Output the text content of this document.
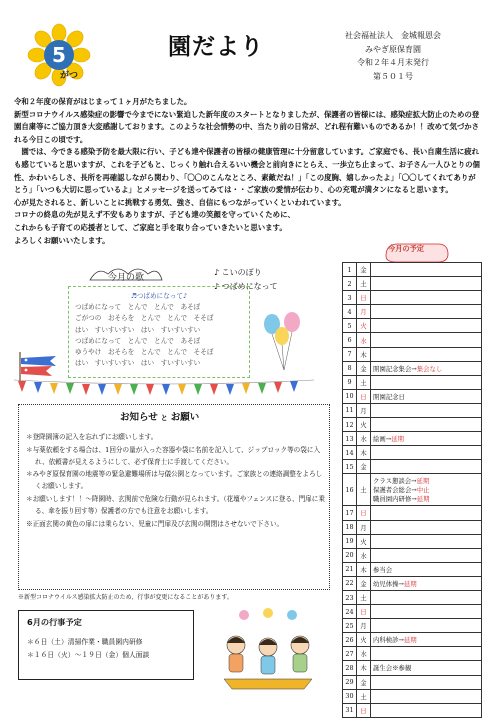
5
がつ
園だより	社会福祉法人　金城報恩会
みやぎ原保育園
令和２年４月末発行
第５０１号

令和２年度の保育がはじまって１ヶ月がたちました。

新型コロナウイルス感染症の影響で今までにない緊迫した新年度のスタートとなりましたが、保護者の皆様には、感染症拡大防止のための登園自粛等にご協力頂き大変感謝しております。このような社会情勢の中、当たり前の日常が、どれ程有難いものであるか！！改めて気づかされる今日この頃です。

　園では、今できる感染予防を最大限に行い、子ども達や保護者の皆様の健康管理に十分留意しています。ご家庭でも、長い自粛生活に疲れも感じていると思いますが、これを子どもと、じっくり触れ合えるいい機会と前向きにとらえ、一歩立ち止まって、お子さん一人ひとりの個性、かわいらしさ、長所を再確認しながら関わり、「〇〇のこんなところ、素敵だね！」「この度胸、嬉しかったよ」「〇〇してくれてありがとう」「いつも大切に思っているよ」とメッセージを送ってみては・・ご家族の愛情が伝わり、心の充電が満タンになると思います。

心が見たされると、新しいことに挑戦する勇気、強さ、自信にもつながっていくといわれています。

コロナの終息の先が見えず不安もありますが、子ども達の笑顔を守っていくために、

これからも子育ての応援者として、ご家庭と手を取り合っていきたいと思います。

よろしくお願いいたします。

今月の歌
♪ こいのぼり
♪ つばめになって
♬つばめになって♪
つばめになって　とんで　とんで　あそぼ
ごがつの　おそらを　とんで　とんで　そそぼ
はい　すいすいすい　はい　すいすいすい
つばめになって　とんで　とんで　あそぼ
ゆうやけ　おそらを　とんで　とんで　そそぼ
はい　すいすいすい　はい　すいすいすい
お知らせ と お願い
＊登降園簿の記入を忘れずにお願いします。
＊与薬依頼をする場合は、1回分の量が入った容器や袋に名前を記入して、ジップロック等の袋に入れ、依頼書が見えるようにして、必ず保育士に手渡してください。
＊みやぎ原保育園の地震等の緊急避難場所は与儀公園となっています。ご家族との連絡調整をよろしくお願いします。
＊お願いします！！〜降園時、玄関前で危険な行動が見られます。（花壇やフェンスに登る、門扉に乗る、傘を振り回す等）保護者の方でも注意をお願いします。
※正面玄関の黄色の扉には乗らない、児童に門扉及び玄関の開閉はさせないで下さい。
※新型コロナウイルス感染拡大防止のため、行事が変更になることがあります。
6月の行事予定
＊６日（土）清掃作業・職員園内研修
＊１６日（火）〜１９日（金）個人面談
今月の予定
1	金	
2	土	
3	日	
4	月	
5	火	
6	水	
7	木	
8	金	開園記念集会→集会なし
9	土	
10	日	開園記念日
11	月	
12	火	
13	水	絵画→延期
14	木	
15	金	
16	土	クラス懇談会→延期
保護者会総会→中止
職員園内研修→延期
17	日	
18	月	
19	火	
20	水	
21	木	参当会
22	金	幼児体操→延期
23	土	
24	日	
25	月	
26	火	内科検診→延期
27	水	
28	木	誕生会※参観
29	金	
30	土	
31	日	
